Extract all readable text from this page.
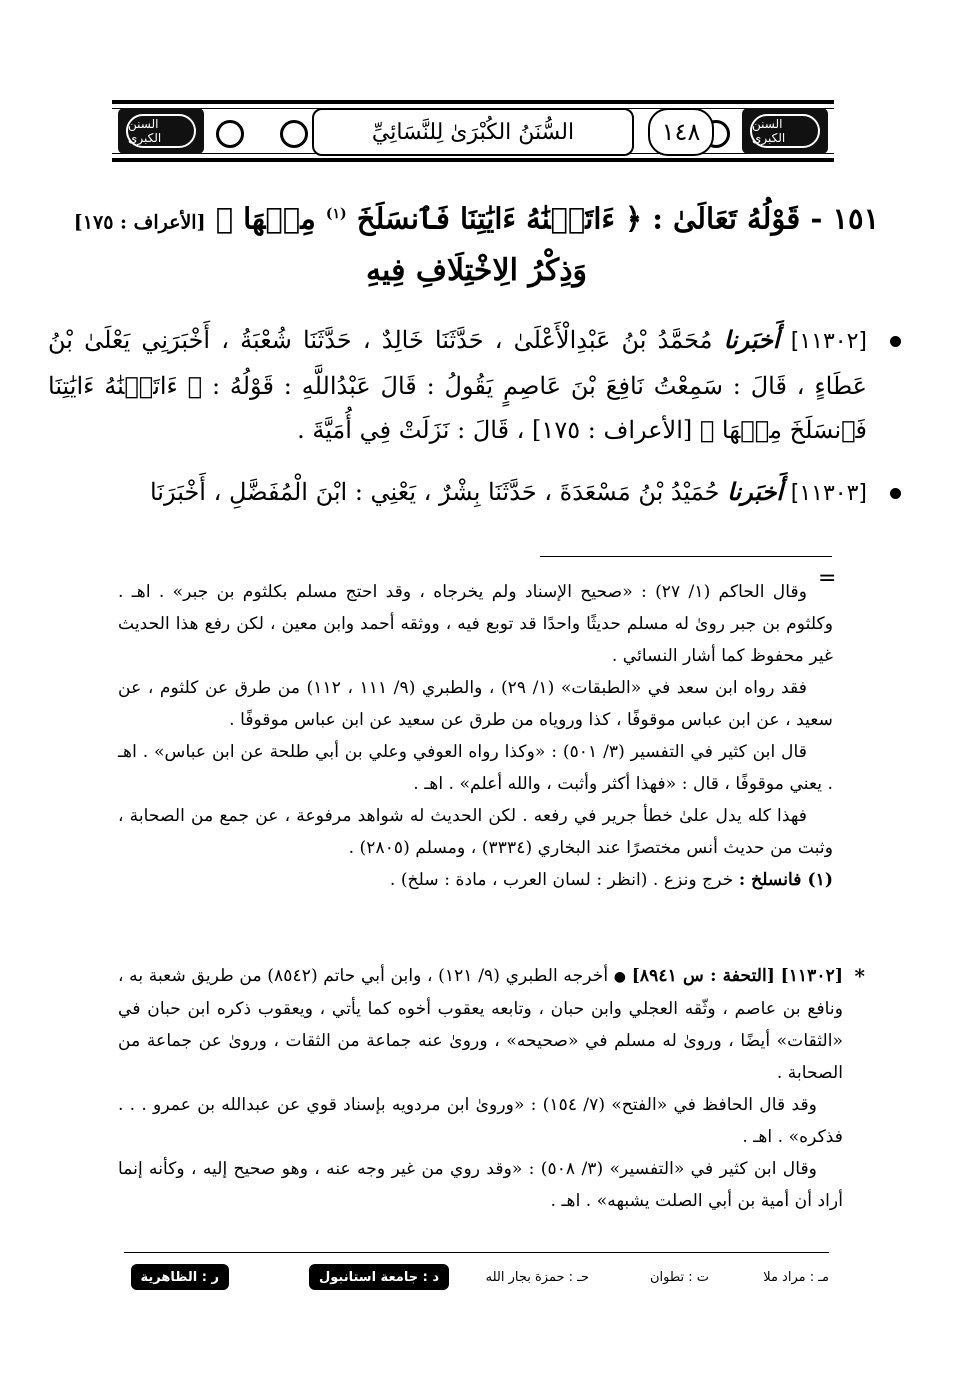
السنن الكبرى
السنن الكبرى
السُّنَنُ الكُبْرَىٰ لِلنَّسَائِيِّ	١٤٨
١٥١ - قَوْلُهُ تَعَالَىٰ : ﴿ ءَاتَيۡنَٰهُ ءَايَٰتِنَا فَٱنسَلَخَ $^{(١)}$ مِنۡهَا ﴾ [الأعراف : ١٧٥]
وَذِكْرُ الِاخْتِلَافِ فِيهِ

[١١٣٠٢] أَخبَرنا مُحَمَّدُ بْنُ عَبْدِالْأَعْلَىٰ ، حَدَّثَنَا خَالِدٌ ، حَدَّثَنَا شُعْبَةُ ، أَخْبَرَنِي يَعْلَىٰ بْنُ عَطَاءٍ ، قَالَ : سَمِعْتُ نَافِعَ بْنَ عَاصِمٍ يَقُولُ : قَالَ عَبْدُاللَّهِ : قَوْلُهُ : ﴿ ءَاتَيۡنَٰهُ ءَايَٰتِنَا فَٱنسَلَخَ مِنۡهَا ﴾ [الأعراف : ١٧٥] ، قَالَ : نَزَلَتْ فِي أُمَيَّةَ .

[١١٣٠٣] أَخبَرنا حُمَيْدُ بْنُ مَسْعَدَةَ ، حَدَّثَنَا بِشْرٌ ، يَعْنِي : ابْنَ الْمُفَضَّلِ ، أَخْبَرَنَا

=

وقال الحاكم (١/ ٢٧) : «صحيح الإسناد ولم يخرجاه ، وقد احتج مسلم بكلثوم بن جبر» . اهـ . وكلثوم بن جبر روىٰ له مسلم حديثًا واحدًا قد توبع فيه ، ووثقه أحمد وابن معين ، لكن رفع هذا الحديث غير محفوظ كما أشار النسائي .

فقد رواه ابن سعد في «الطبقات» (١/ ٢٩) ، والطبري (٩/ ١١١ ، ١١٢) من طرق عن كلثوم ، عن سعيد ، عن ابن عباس موقوفًا ، كذا وروياه من طرق عن سعيد عن ابن عباس موقوفًا .

قال ابن كثير في التفسير (٣/ ٥٠١) : «وكذا رواه العوفي وعلي بن أبي طلحة عن ابن عباس» . اهـ . يعني موقوفًا ، قال : «فهذا أكثر وأثبت ، والله أعلم» . اهـ .

فهذا كله يدل علىٰ خطأ جرير في رفعه . لكن الحديث له شواهد مرفوعة ، عن جمع من الصحابة ، وثبت من حديث أنس مختصرًا عند البخاري (٣٣٣٤) ، ومسلم (٢٨٠٥) .

(١) فانسلخ : خرج ونزع . (انظر : لسان العرب ، مادة : سلخ) .

*

[١١٣٠٢] [التحفة : س ٨٩٤١] ● أخرجه الطبري (٩/ ١٢١) ، وابن أبي حاتم (٨٥٤٢) من طريق شعبة به ، ونافع بن عاصم ، وثّقه العجلي وابن حبان ، وتابعه يعقوب أخوه كما يأتي ، ويعقوب ذكره ابن حبان في «الثقات» أيضًا ، وروىٰ له مسلم في «صحيحه» ، وروىٰ عنه جماعة من الثقات ، وروىٰ عن جماعة من الصحابة .

وقد قال الحافظ في «الفتح» (٧/ ١٥٤) : «وروىٰ ابن مردويه بإسناد قوي عن عبدالله بن عمرو . . . فذكره» . اهـ .

وقال ابن كثير في «التفسير» (٣/ ٥٠٨) : «وقد روي من غير وجه عنه ، وهو صحيح إليه ، وكأنه إنما أراد أن أمية بن أبي الصلت يشبهه» . اهـ .

مـ : مراد ملا
ت : تطوان
حـ : حمزة بجار الله
د : جامعة استانبول
ر : الظاهرية
